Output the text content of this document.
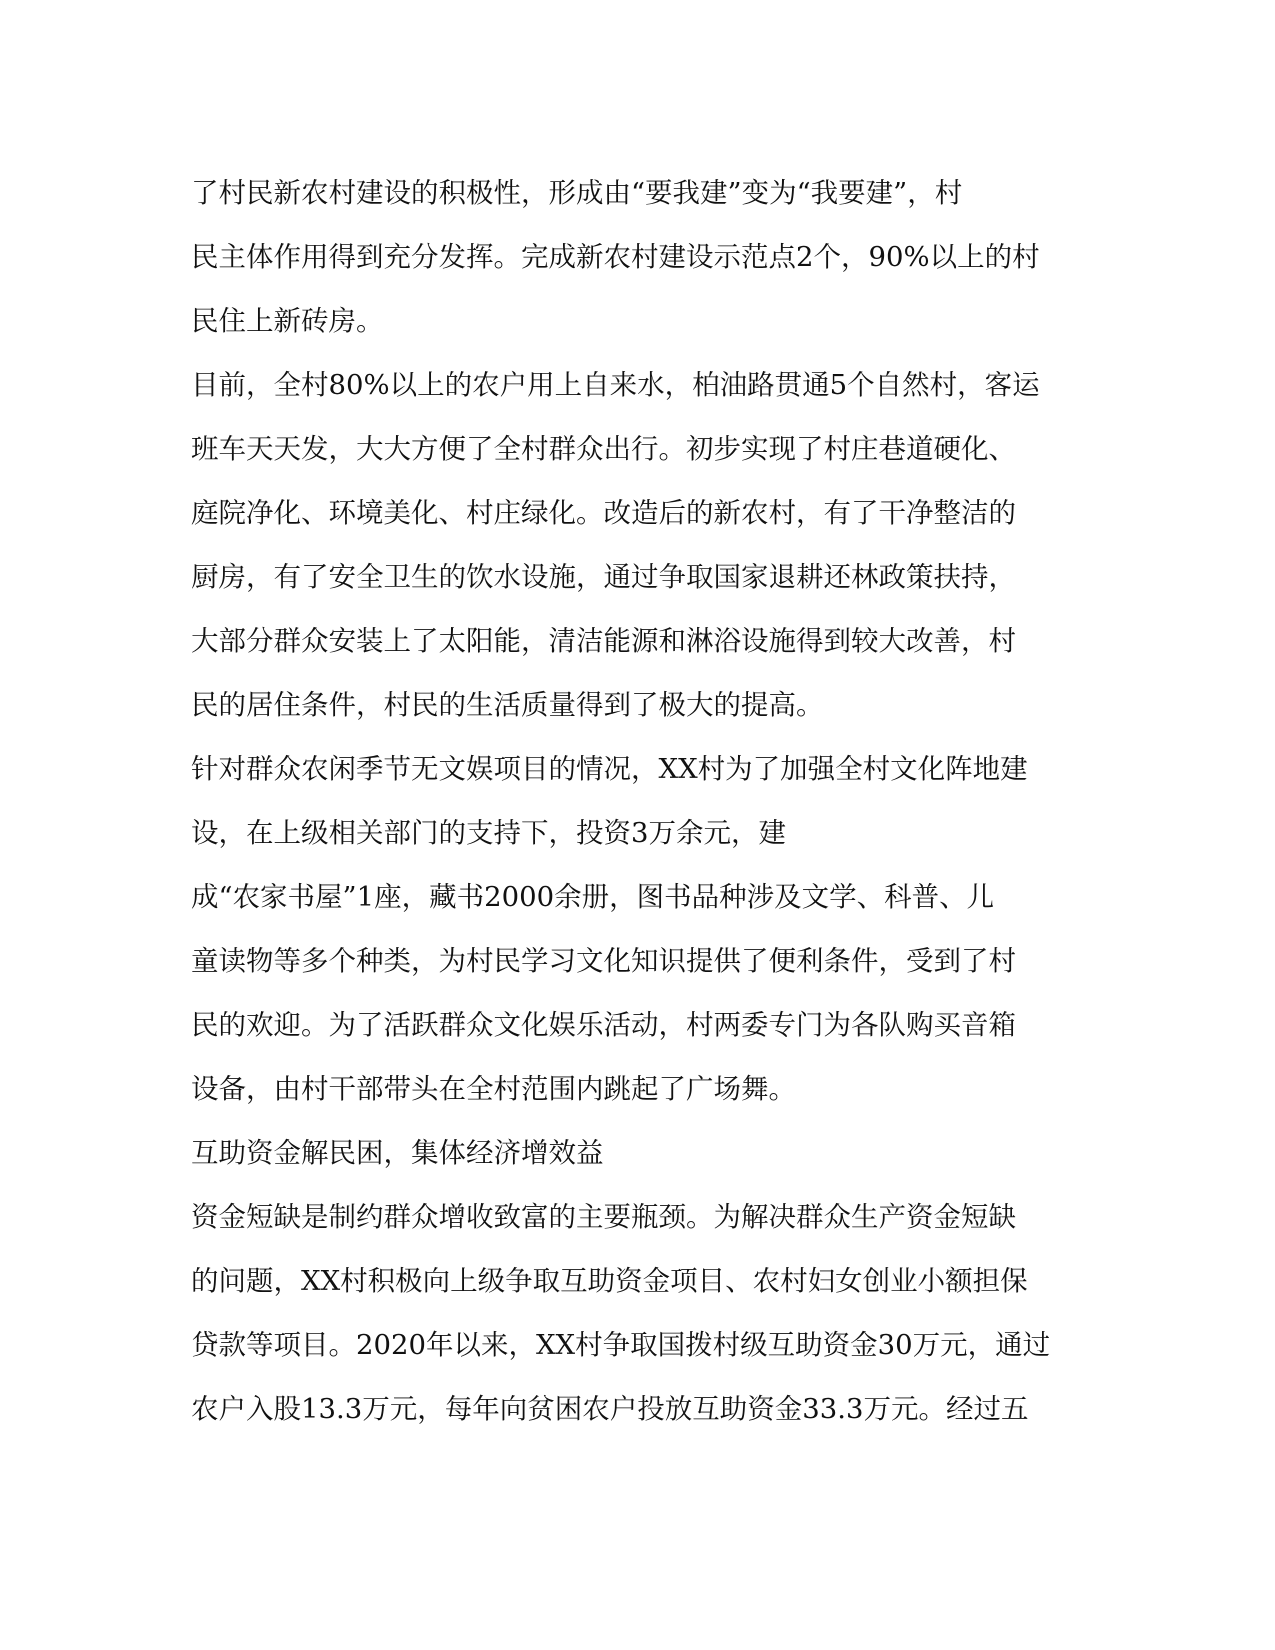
了村民新农村建设的积极性，形成由“要我建”变为“我要建”，村
民主体作用得到充分发挥。完成新农村建设示范点2个，90%以上的村
民住上新砖房。
目前，全村80%以上的农户用上自来水，柏油路贯通5个自然村，客运
班车天天发，大大方便了全村群众出行。初步实现了村庄巷道硬化、
庭院净化、环境美化、村庄绿化。改造后的新农村，有了干净整洁的
厨房，有了安全卫生的饮水设施，通过争取国家退耕还林政策扶持，
大部分群众安装上了太阳能，清洁能源和淋浴设施得到较大改善，村
民的居住条件，村民的生活质量得到了极大的提高。
针对群众农闲季节无文娱项目的情况，XX村为了加强全村文化阵地建
设，在上级相关部门的支持下，投资3万余元，建
成“农家书屋”1座，藏书2000余册，图书品种涉及文学、科普、儿
童读物等多个种类，为村民学习文化知识提供了便利条件，受到了村
民的欢迎。为了活跃群众文化娱乐活动，村两委专门为各队购买音箱
设备，由村干部带头在全村范围内跳起了广场舞。
互助资金解民困，集体经济增效益
资金短缺是制约群众增收致富的主要瓶颈。为解决群众生产资金短缺
的问题，XX村积极向上级争取互助资金项目、农村妇女创业小额担保
贷款等项目。2020年以来，XX村争取国拨村级互助资金30万元，通过
农户入股13.3万元，每年向贫困农户投放互助资金33.3万元。经过五
